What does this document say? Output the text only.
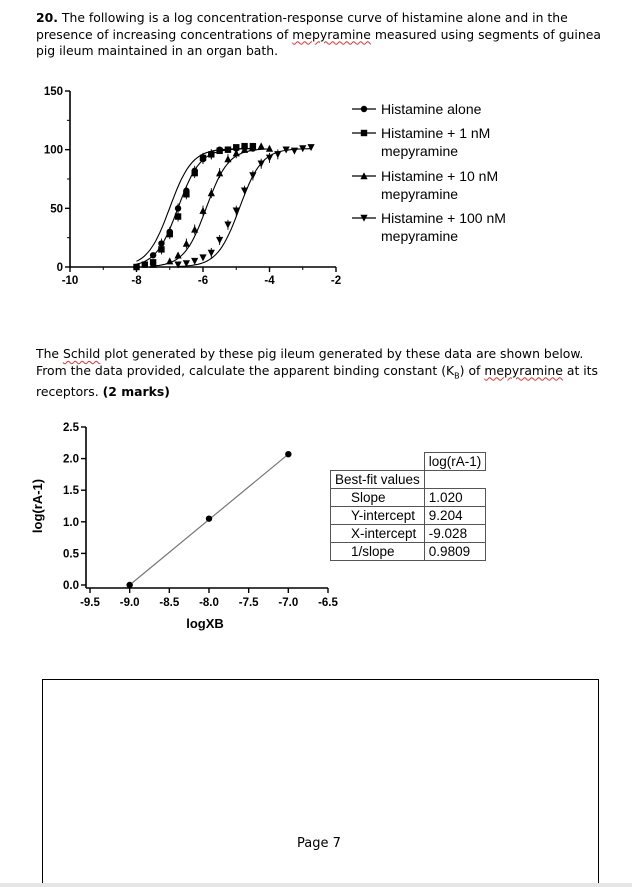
20. The following is a log concentration-response curve of histamine alone and in the presence of increasing concentrations of mepyramine measured using segments of guinea pig ileum maintained in an organ bath.
0
50
100
150
-10	-8	-6	-4	-2
Histamine alone
Histamine + 1 nM
mepyramine
Histamine + 10 nM
mepyramine
Histamine + 100 nM
mepyramine
The Schild plot generated by these pig ileum generated by these data are shown below. From the data provided, calculate the apparent binding constant $(K_B)$ of mepyramine at its receptors. (2 marks)
0.0
0.5
1.0
1.5
2.0
2.5
-9.5 -9.0 -8.5 -8.0 -7.5 -7.0 -6.5
logXB
log(rA-1)
	log(rA-1)
Best-fit values	
Slope	1.020
Y-intercept	9.204
X-intercept	-9.028
1/slope	0.9809
Page 7
